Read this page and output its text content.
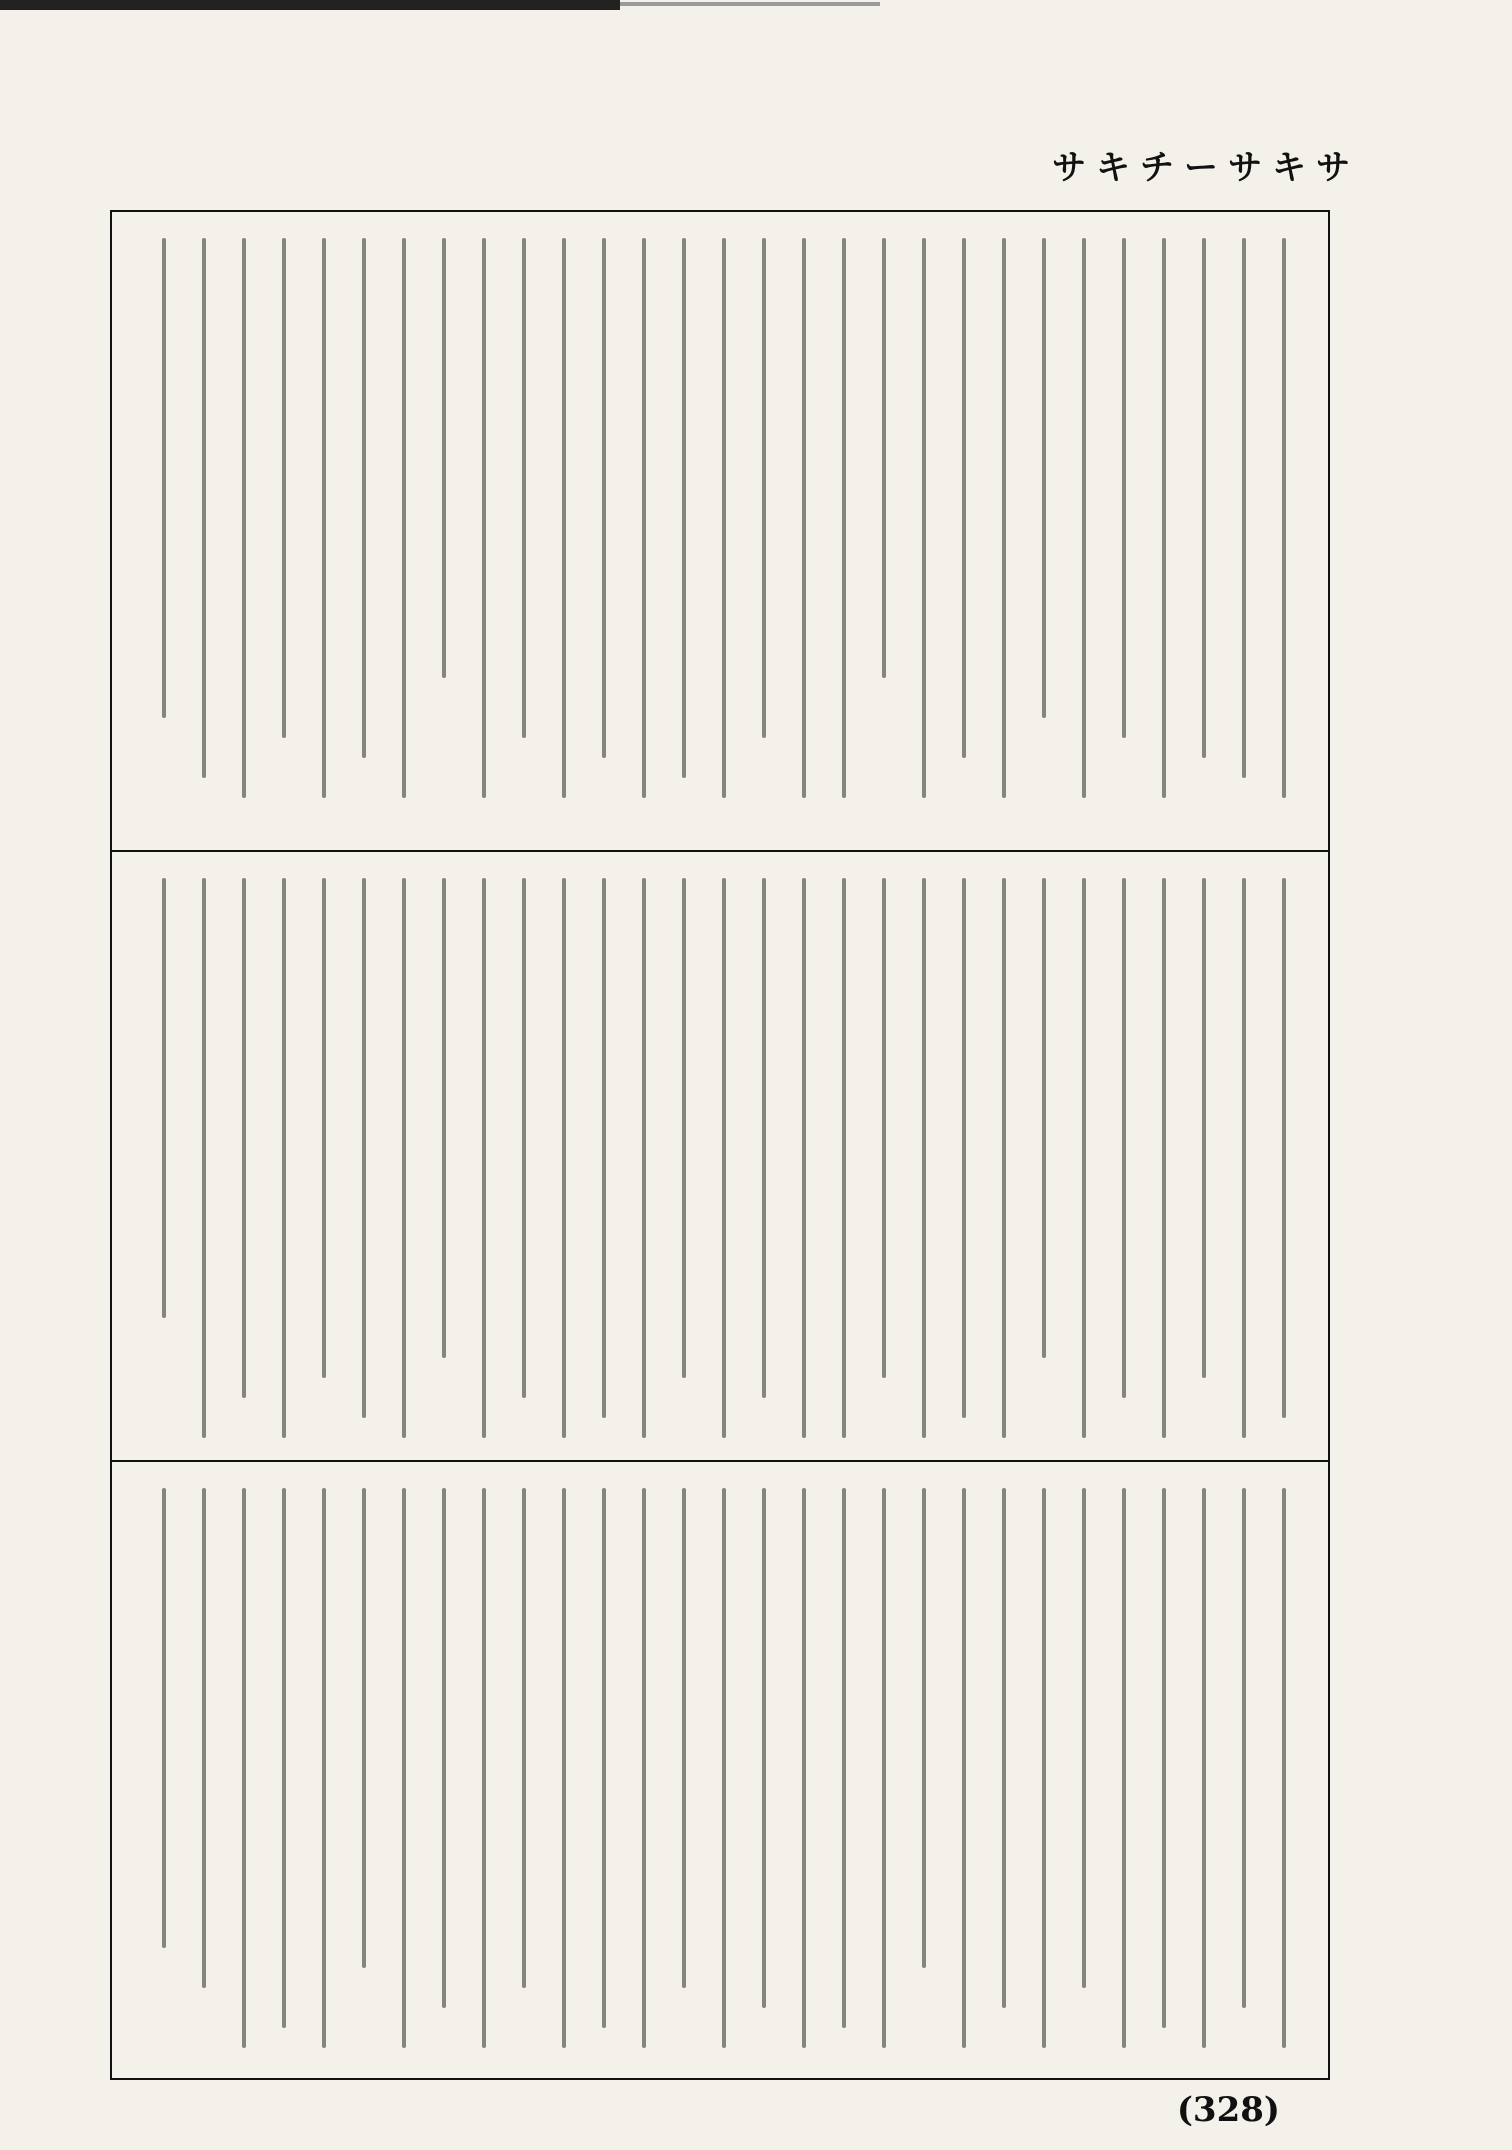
サキチーサキサ
(328)
